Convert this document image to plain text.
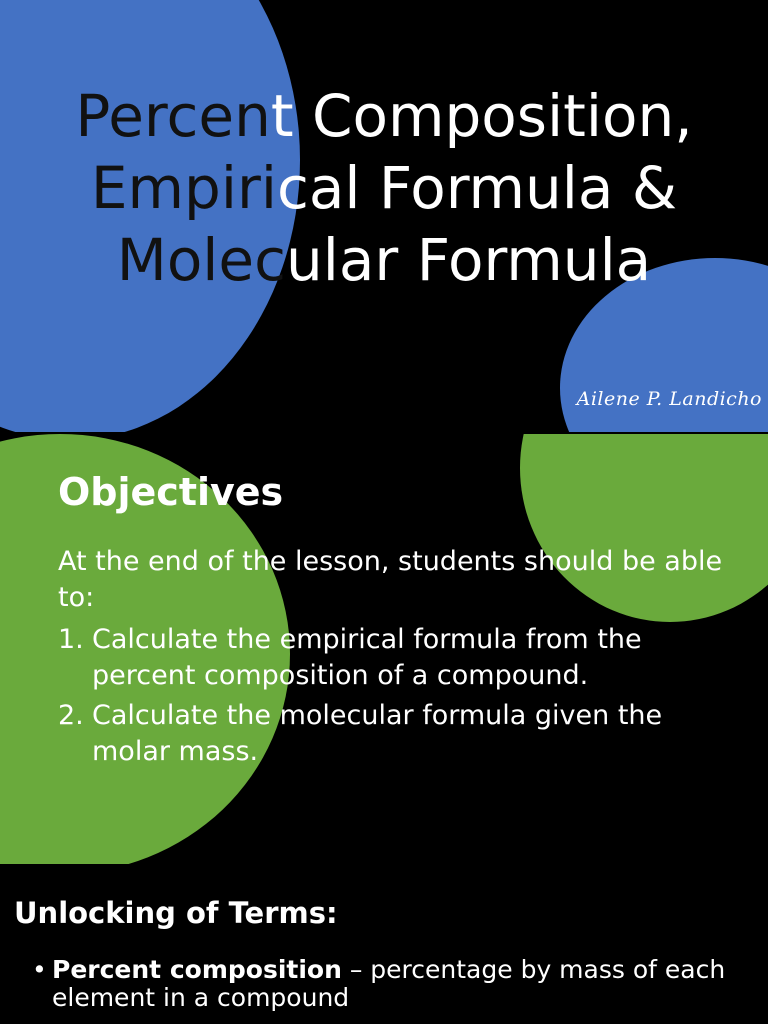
Percent Composition,
Empirical Formula &
Molecular Formula
Ailene P. Landicho
Objectives

At the end of the lesson, students should be able to:

1. Calculate the empirical formula from the percent composition of a compound.
2. Calculate the molecular formula given the molar mass.
Unlocking of Terms:
• Percent composition – percentage by mass of each element in a compound
